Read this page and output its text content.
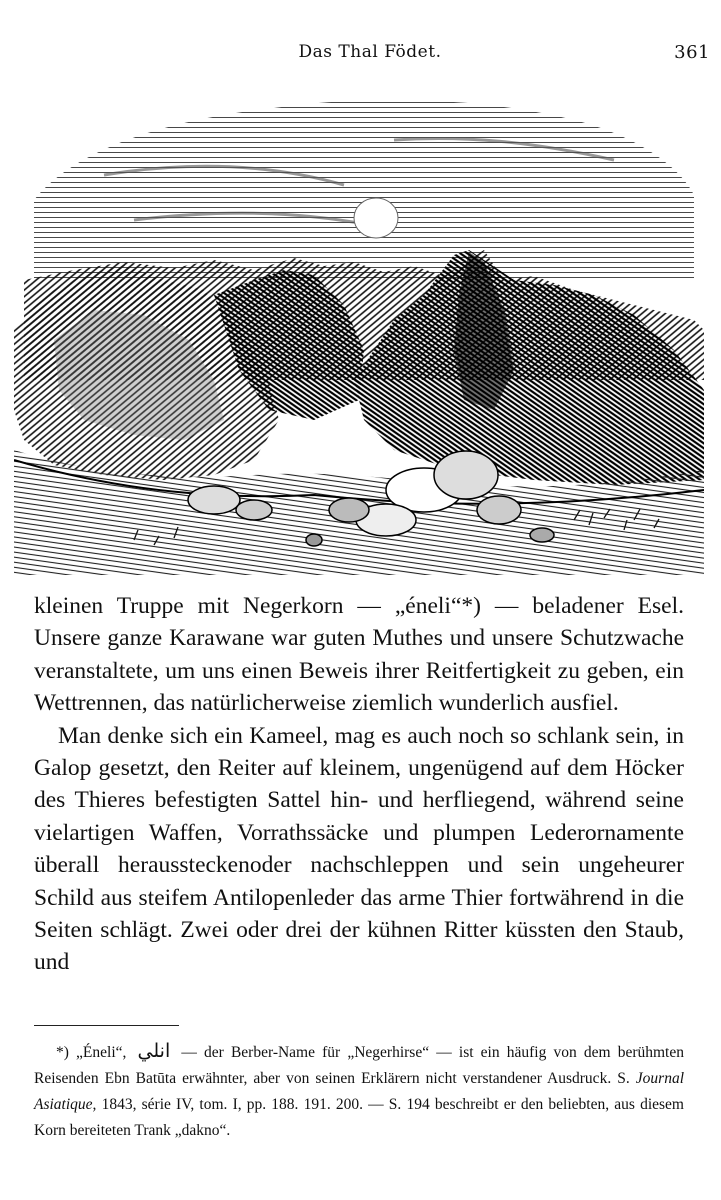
Das Thal Födet.	361

kleinen Truppe mit Negerkorn — „éneli“*) — beladener Esel. Unsere ganze Karawane war guten Muthes und unsere Schutzwache veranstaltete, um uns einen Beweis ihrer Reitfertigkeit zu geben, ein Wettrennen, das natürlicherweise ziemlich wunderlich ausfiel.

Man denke sich ein Kameel, mag es auch noch so schlank sein, in Galop gesetzt, den Reiter auf kleinem, ungenügend auf dem Höcker des Thieres befestigten Sattel hin- und herfliegend, während seine vielartigen Waffen, Vorrathssäcke und plumpen Lederornamente überall heraussteckenoder nachschleppen und sein ungeheurer Schild aus steifem Antilopenleder das arme Thier fortwährend in die Seiten schlägt. Zwei oder drei der kühnen Ritter küssten den Staub, und

*) „Éneli“, انلي — der Berber-Name für „Negerhirse“ — ist ein häufig von dem berühmten Reisenden Ebn Batūta erwähnter, aber von seinen Erklärern nicht verstandener Ausdruck. S. Journal Asiatique, 1843, série IV, tom. I, pp. 188. 191. 200. — S. 194 beschreibt er den beliebten, aus diesem Korn bereiteten Trank „dakno“.
